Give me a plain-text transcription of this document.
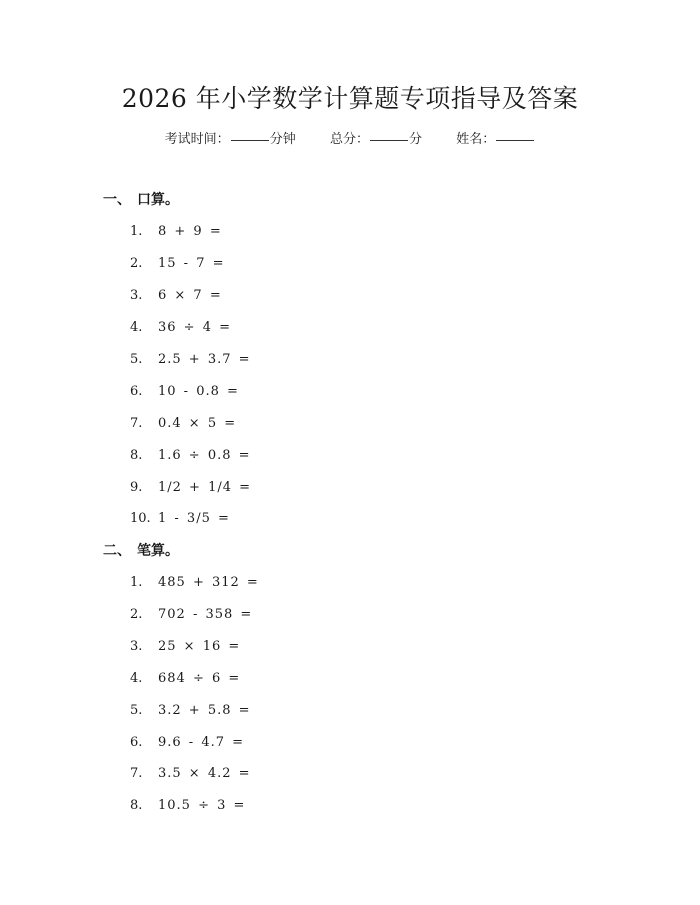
2026 年小学数学计算题专项指导及答案
考试时间：	分钟	总分：	分	姓名：
一、 口算。
1. 8 + 9 =
2. 15 - 7 =
3. 6 × 7 =
4. 36 ÷ 4 =
5. 2.5 + 3.7 =
6. 10 - 0.8 =
7. 0.4 × 5 =
8. 1.6 ÷ 0.8 =
9. 1/2 + 1/4 =
10. 1 - 3/5 =
二、 笔算。
1. 485 + 312 =
2. 702 - 358 =
3. 25 × 16 =
4. 684 ÷ 6 =
5. 3.2 + 5.8 =
6. 9.6 - 4.7 =
7. 3.5 × 4.2 =
8. 10.5 ÷ 3 =
